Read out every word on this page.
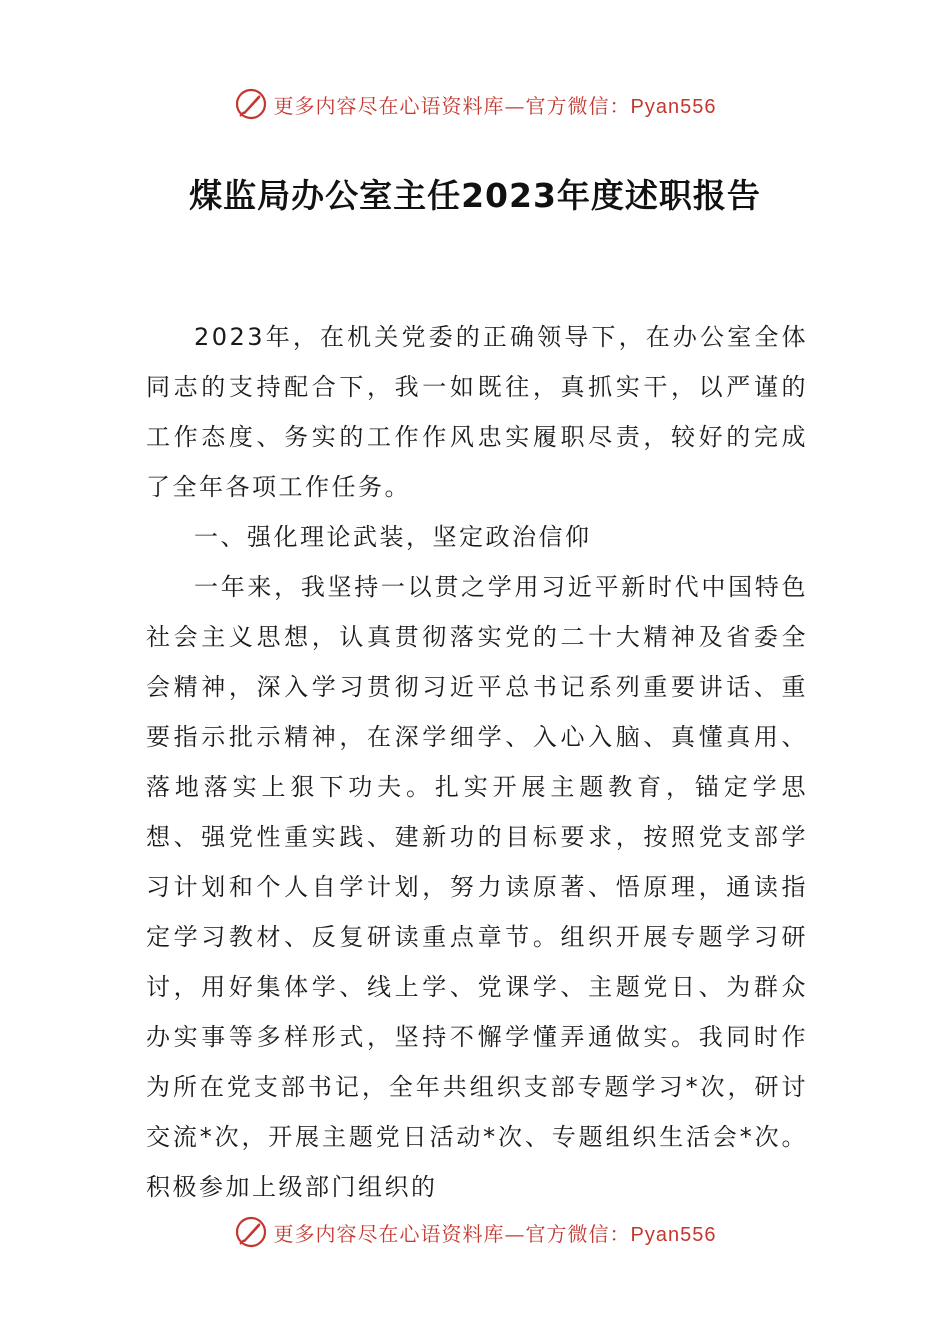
更多内容尽在心语资料库—官方微信：Pyan556
煤监局办公室主任2023年度述职报告

2023年，在机关党委的正确领导下，在办公室全体同志的支持配合下，我一如既往，真抓实干，以严谨的工作态度、务实的工作作风忠实履职尽责，较好的完成了全年各项工作任务。

一、强化理论武装，坚定政治信仰

一年来，我坚持一以贯之学用习近平新时代中国特色社会主义思想，认真贯彻落实党的二十大精神及省委全会精神，深入学习贯彻习近平总书记系列重要讲话、重要指示批示精神，在深学细学、入心入脑、真懂真用、落地落实上狠下功夫。扎实开展主题教育，锚定学思想、强党性重实践、建新功的目标要求，按照党支部学习计划和个人自学计划，努力读原著、悟原理，通读指定学习教材、反复研读重点章节。组织开展专题学习研讨，用好集体学、线上学、党课学、主题党日、为群众办实事等多样形式，坚持不懈学懂弄通做实。我同时作为所在党支部书记，全年共组织支部专题学习*次，研讨交流*次，开展主题党日活动*次、专题组织生活会*次。积极参加上级部门组织的

更多内容尽在心语资料库—官方微信：Pyan556
